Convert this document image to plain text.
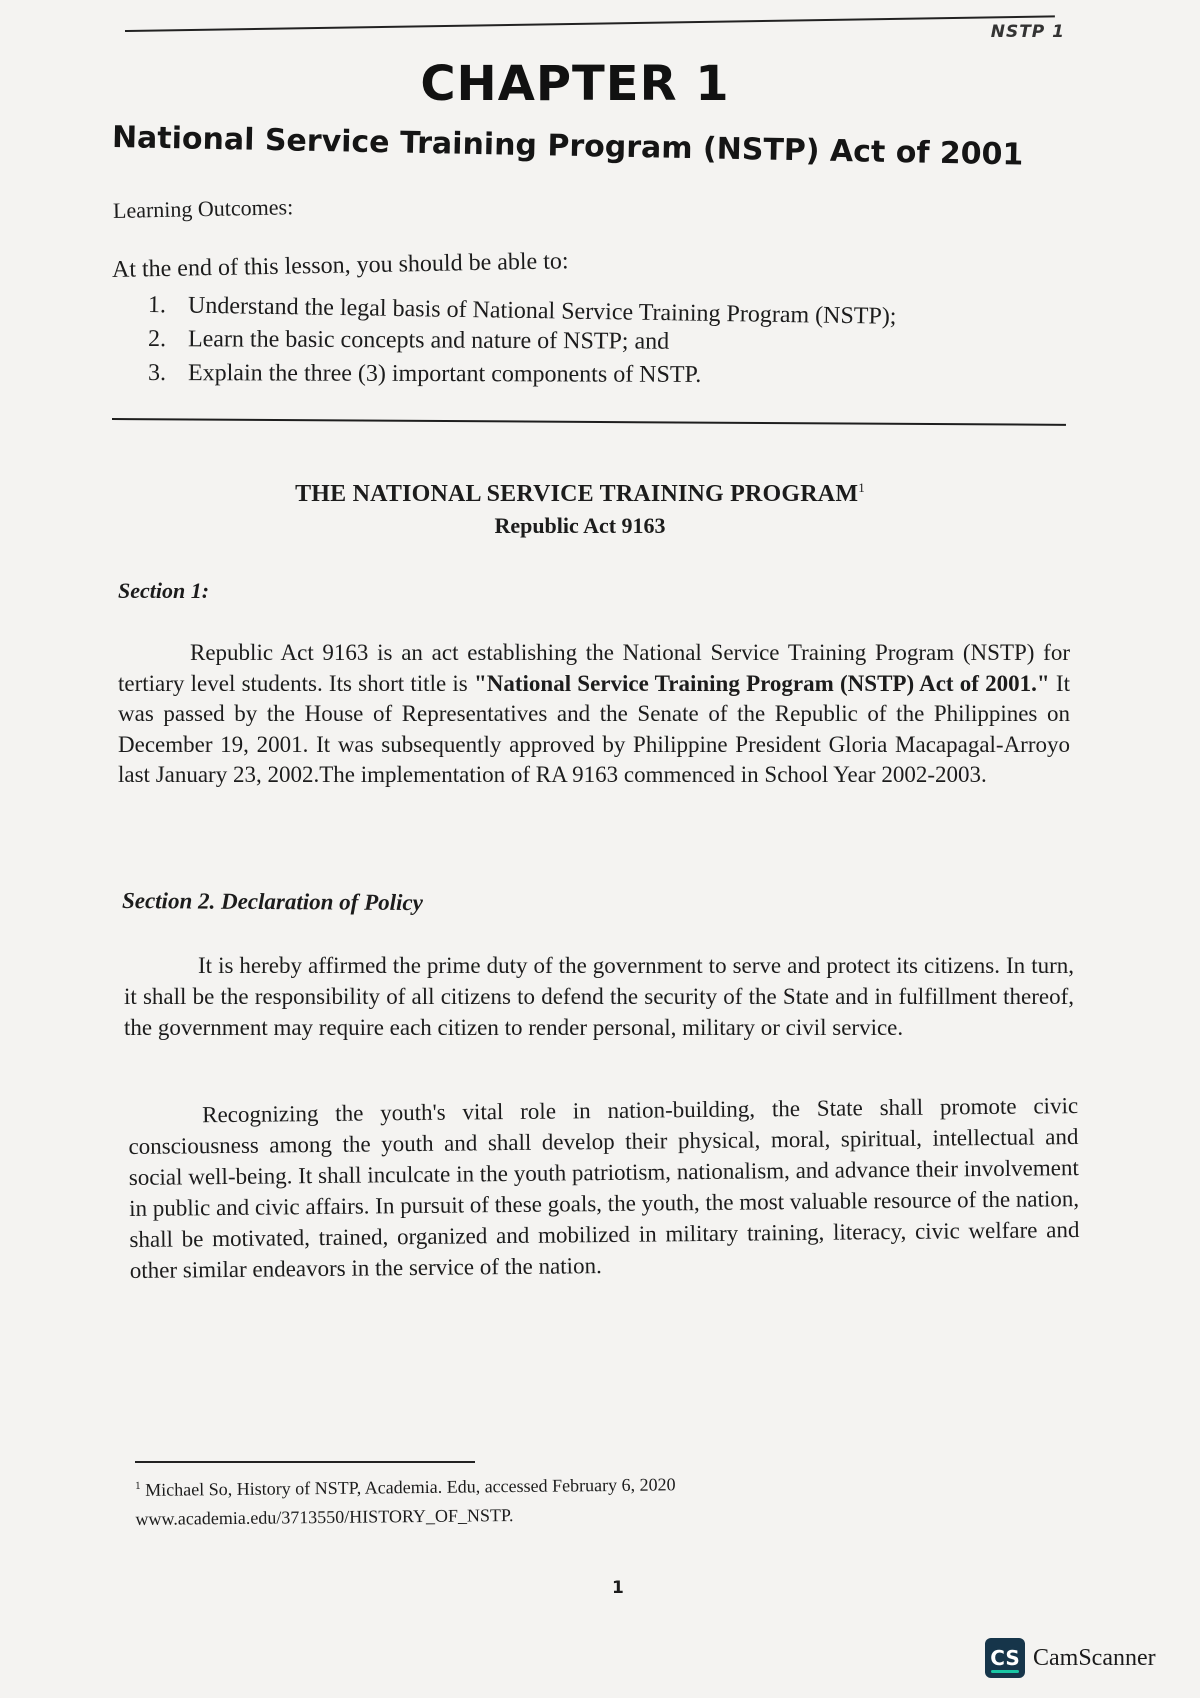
NSTP 1
CHAPTER 1
National Service Training Program (NSTP) Act of 2001
Learning Outcomes:
At the end of this lesson, you should be able to:
1. Understand the legal basis of National Service Training Program (NSTP);
2. Learn the basic concepts and nature of NSTP; and
3. Explain the three (3) important components of NSTP.
THE NATIONAL SERVICE TRAINING PROGRAM$^1$
Republic Act 9163
Section 1:

Republic Act 9163 is an act establishing the National Service Training Program (NSTP) for tertiary level students. Its short title is "National Service Training Program (NSTP) Act of 2001." It was passed by the House of Representatives and the Senate of the Republic of the Philippines on December 19, 2001. It was subsequently approved by Philippine President Gloria Macapagal-Arroyo last January 23, 2002.The implementation of RA 9163 commenced in School Year 2002-2003.

Section 2. Declaration of Policy

It is hereby affirmed the prime duty of the government to serve and protect its citizens. In turn, it shall be the responsibility of all citizens to defend the security of the State and in fulfillment thereof, the government may require each citizen to render personal, military or civil service.

Recognizing the youth's vital role in nation-building, the State shall promote civic consciousness among the youth and shall develop their physical, moral, spiritual, intellectual and social well-being. It shall inculcate in the youth patriotism, nationalism, and advance their involvement in public and civic affairs. In pursuit of these goals, the youth, the most valuable resource of the nation, shall be motivated, trained, organized and mobilized in military training, literacy, civic welfare and other similar endeavors in the service of the nation.

$^1$ Michael So, History of NSTP, Academia. Edu, accessed February 6, 2020
www.academia.edu/3713550/HISTORY_OF_NSTP.
1
CS CamScanner
